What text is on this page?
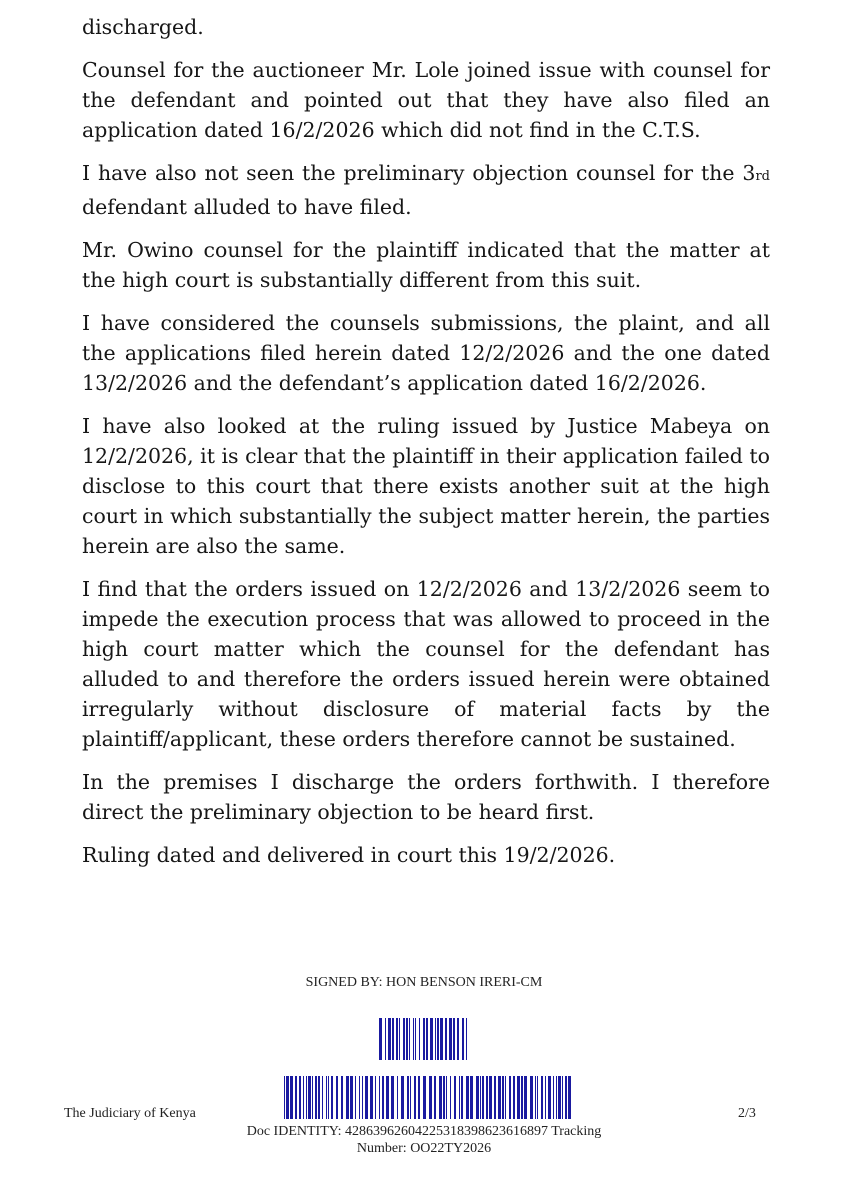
discharged.

Counsel for the auctioneer Mr. Lole joined issue with counsel for the defendant and pointed out that they have also filed an application dated 16/2/2026 which did not find in the C.T.S.

I have also not seen the preliminary objection counsel for the 3rd defendant alluded to have filed.

Mr. Owino counsel for the plaintiff indicated that the matter at the high court is substantially different from this suit.

I have considered the counsels submissions, the plaint, and all the applications filed herein dated 12/2/2026 and the one dated 13/2/2026 and the defendant’s application dated 16/2/2026.

I have also looked at the ruling issued by Justice Mabeya on 12/2/2026, it is clear that the plaintiff in their application failed to disclose to this court that there exists another suit at the high court in which substantially the subject matter herein, the parties herein are also the same.

I find that the orders issued on 12/2/2026 and 13/2/2026 seem to impede the execution process that was allowed to proceed in the high court matter which the counsel for the defendant has alluded to and therefore the orders issued herein were obtained irregularly without disclosure of material facts by the plaintiff/applicant, these orders therefore cannot be sustained.

In the premises I discharge the orders forthwith. I therefore direct the preliminary objection to be heard first.

Ruling dated and delivered in court this 19/2/2026.

SIGNED BY: HON BENSON IRERI-CM
The Judiciary of Kenya	2/3
Doc IDENTITY: 42863962604225318398623616897 Tracking Number: OO22TY2026
